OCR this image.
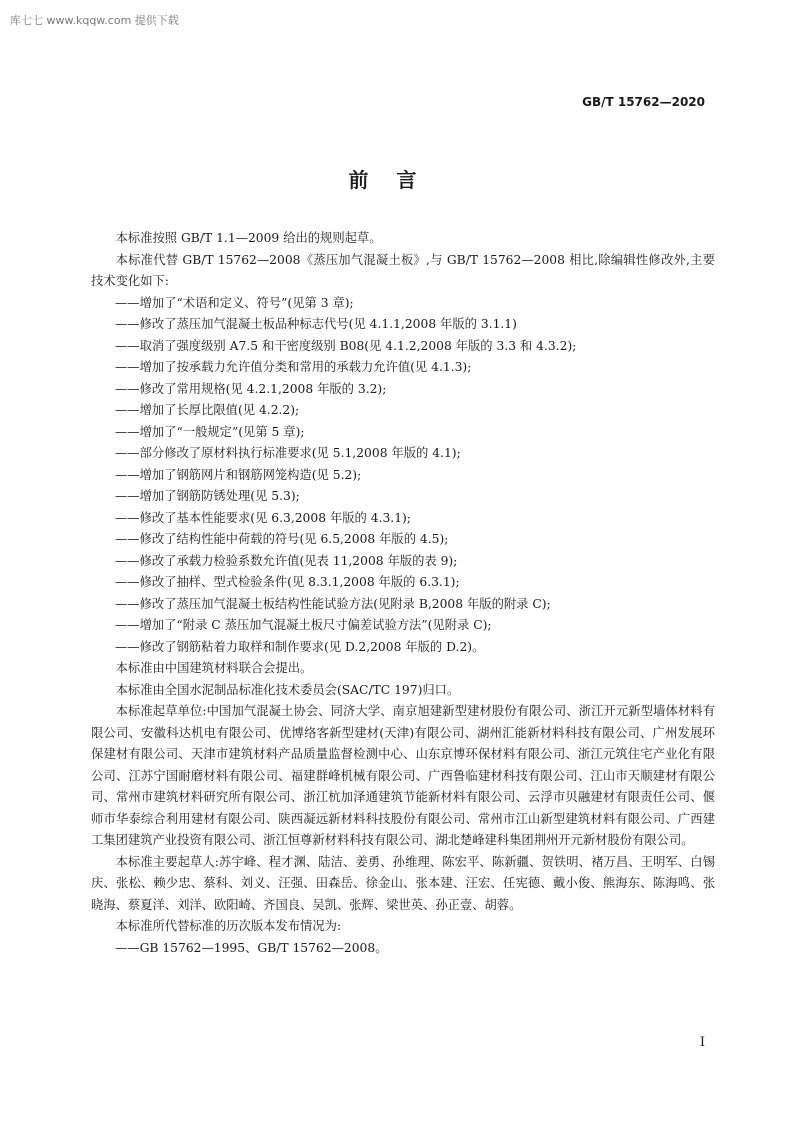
库七七 www.kqqw.com 提供下载
GB/T 15762—2020
前言

本标准按照 GB/T 1.1—2009 给出的规则起草。

本标准代替 GB/T 15762—2008《蒸压加气混凝土板》,与 GB/T 15762—2008 相比,除编辑性修改外,主要技术变化如下:

——增加了“术语和定义、符号”(见第 3 章);

——修改了蒸压加气混凝土板品种标志代号(见 4.1.1,2008 年版的 3.1.1)

——取消了强度级别 A7.5 和干密度级别 B08(见 4.1.2,2008 年版的 3.3 和 4.3.2);

——增加了按承载力允许值分类和常用的承载力允许值(见 4.1.3);

——修改了常用规格(见 4.2.1,2008 年版的 3.2);

——增加了长厚比限值(见 4.2.2);

——增加了“一般规定”(见第 5 章);

——部分修改了原材料执行标准要求(见 5.1,2008 年版的 4.1);

——增加了钢筋网片和钢筋网笼构造(见 5.2);

——增加了钢筋防锈处理(见 5.3);

——修改了基本性能要求(见 6.3,2008 年版的 4.3.1);

——修改了结构性能中荷载的符号(见 6.5,2008 年版的 4.5);

——修改了承载力检验系数允许值(见表 11,2008 年版的表 9);

——修改了抽样、型式检验条件(见 8.3.1,2008 年版的 6.3.1);

——修改了蒸压加气混凝土板结构性能试验方法(见附录 B,2008 年版的附录 C);

——增加了“附录 C 蒸压加气混凝土板尺寸偏差试验方法”(见附录 C);

——修改了钢筋粘着力取样和制作要求(见 D.2,2008 年版的 D.2)。

本标准由中国建筑材料联合会提出。

本标准由全国水泥制品标准化技术委员会(SAC/TC 197)归口。

本标准起草单位:中国加气混凝土协会、同济大学、南京旭建新型建材股份有限公司、浙江开元新型墙体材料有限公司、安徽科达机电有限公司、优博络客新型建材(天津)有限公司、湖州汇能新材料科技有限公司、广州发展环保建材有限公司、天津市建筑材料产品质量监督检测中心、山东京博环保材料有限公司、浙江元筑住宅产业化有限公司、江苏宁国耐磨材料有限公司、福建群峰机械有限公司、广西鲁临建材科技有限公司、江山市天顺建材有限公司、常州市建筑材料研究所有限公司、浙江杭加泽通建筑节能新材料有限公司、云浮市贝融建材有限责任公司、偃师市华泰综合利用建材有限公司、陕西凝远新材料科技股份有限公司、常州市江山新型建筑材料有限公司、广西建工集团建筑产业投资有限公司、浙江恒尊新材料科技有限公司、湖北楚峰建科集团荆州开元新材股份有限公司。

本标准主要起草人:苏宇峰、程才渊、陆洁、姜勇、孙维理、陈宏平、陈新疆、贺铁明、褚万昌、王明军、白锡庆、张松、赖少忠、蔡科、刘义、汪强、田森岳、徐金山、张本建、汪宏、任宪德、戴小俊、熊海东、陈海鸣、张晓海、蔡夏洋、刘洋、欧阳崎、齐国良、吴凯、张辉、梁世英、孙正壹、胡蓉。

本标准所代替标准的历次版本发布情况为:

——GB 15762—1995、GB/T 15762—2008。

I
